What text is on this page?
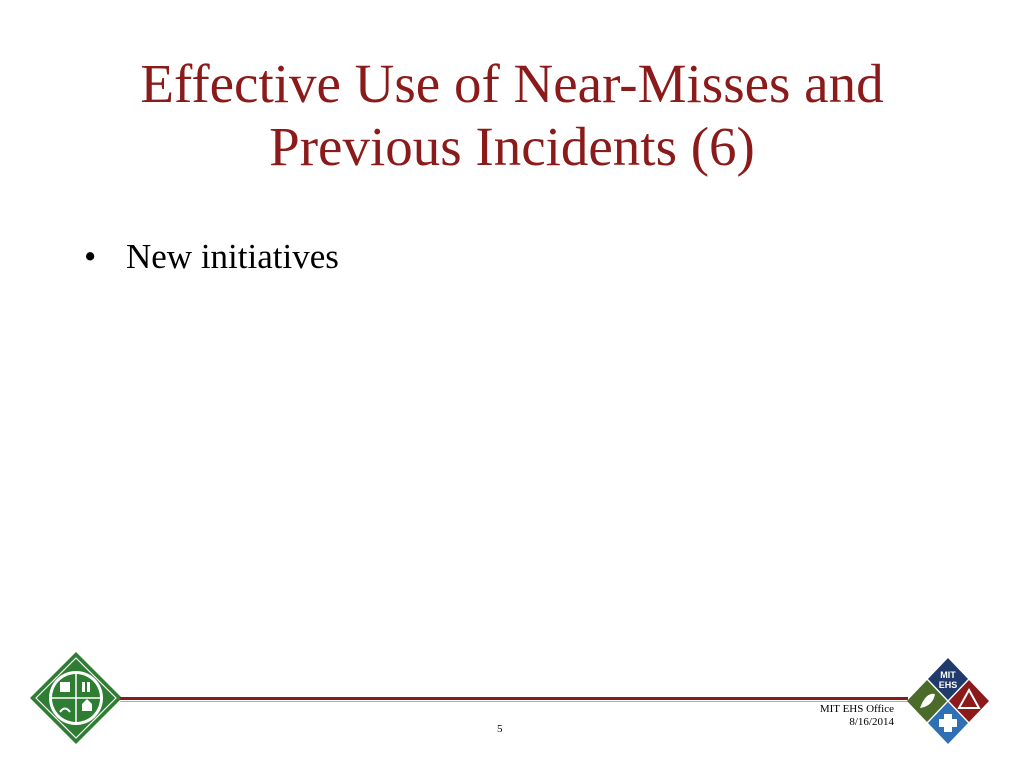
Effective Use of Near-Misses and
Previous Incidents (6)
• New initiatives
5
MIT EHS Office
8/16/2014
MIT
EHS
